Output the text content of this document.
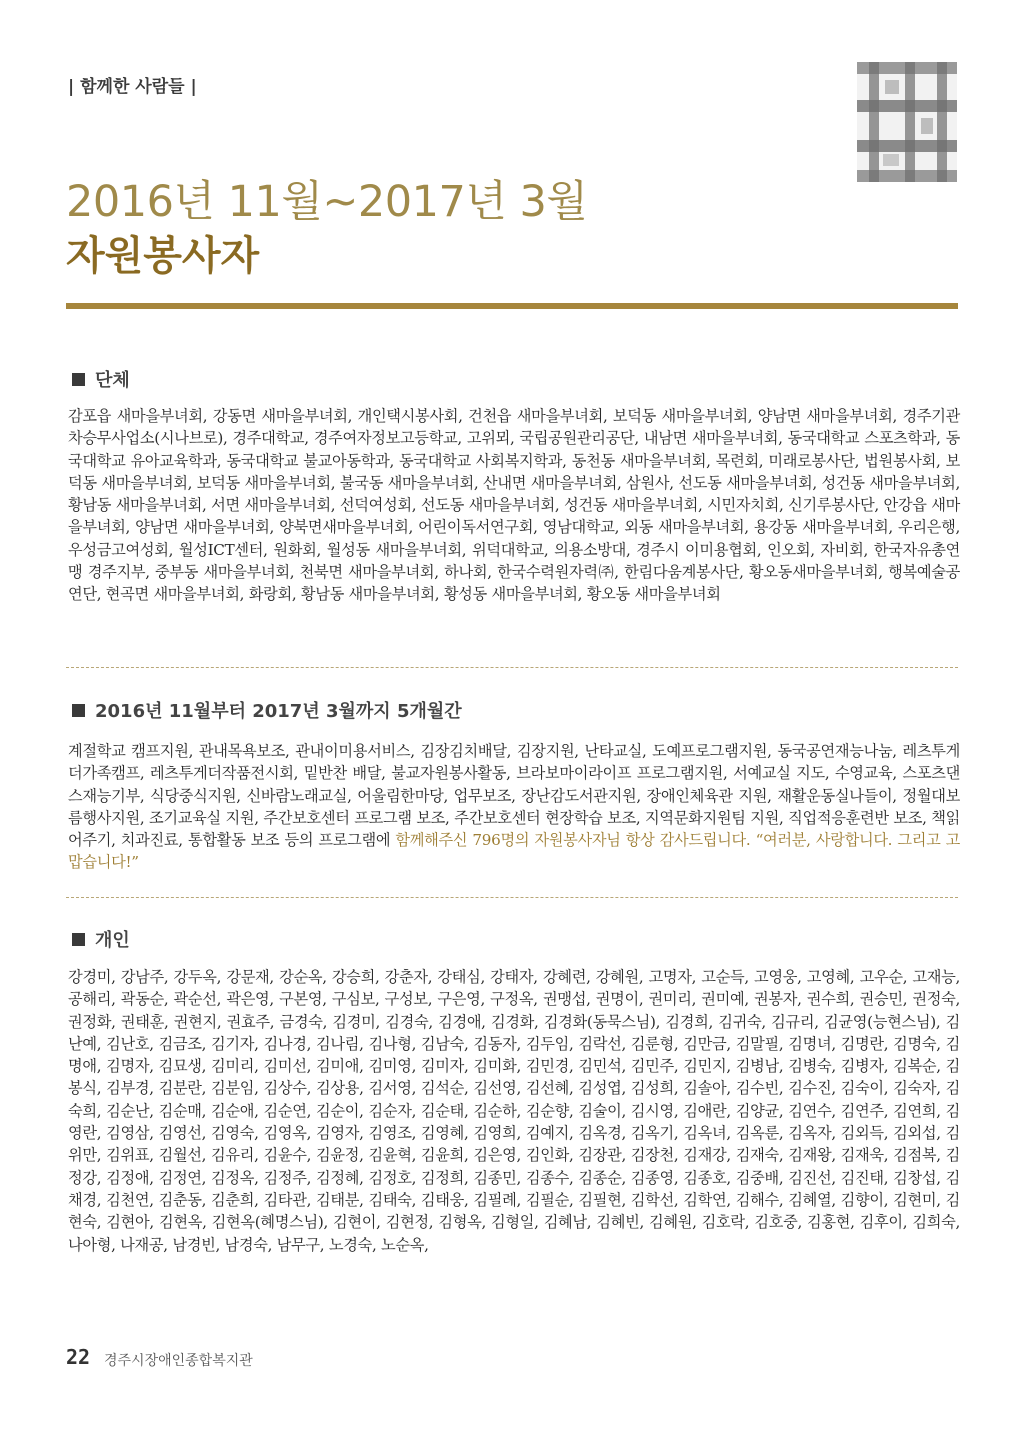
| 함께한 사람들 |
2016년 11월~2017년 3월
자원봉사자
단체
감포읍 새마을부녀회, 강동면 새마을부녀회, 개인택시봉사회, 건천읍 새마을부녀회, 보덕동 새마을부녀회, 양남면 새마을부녀회, 경주기관차승무사업소(시나브로), 경주대학교, 경주여자정보고등학교, 고위뫼, 국립공원관리공단, 내남면 새마을부녀회, 동국대학교 스포츠학과, 동국대학교 유아교육학과, 동국대학교 불교아동학과, 동국대학교 사회복지학과, 동천동 새마을부녀회, 목련회, 미래로봉사단, 법원봉사회, 보덕동 새마을부녀회, 보덕동 새마을부녀회, 불국동 새마을부녀회, 산내면 새마을부녀회, 삼원사, 선도동 새마을부녀회, 성건동 새마을부녀회, 황남동 새마을부녀회, 서면 새마을부녀회, 선덕여성회, 선도동 새마을부녀회, 성건동 새마을부녀회, 시민자치회, 신기루봉사단, 안강읍 새마을부녀회, 양남면 새마을부녀회, 양북면새마을부녀회, 어린이독서연구회, 영남대학교, 외동 새마을부녀회, 용강동 새마을부녀회, 우리은행, 우성금고여성회, 월성ICT센터, 원화회, 월성동 새마을부녀회, 위덕대학교, 의용소방대, 경주시 이미용협회, 인오회, 자비회, 한국자유총연맹 경주지부, 중부동 새마을부녀회, 천북면 새마을부녀회, 하나회, 한국수력원자력㈜, 한림다움계봉사단, 황오동새마을부녀회, 행복예술공연단, 현곡면 새마을부녀회, 화랑회, 황남동 새마을부녀회, 황성동 새마을부녀회, 황오동 새마을부녀회
2016년 11월부터 2017년 3월까지 5개월간
계절학교 캠프지원, 관내목욕보조, 관내이미용서비스, 김장김치배달, 김장지원, 난타교실, 도예프로그램지원, 동국공연재능나눔, 레츠투게더가족캠프, 레츠투게더작품전시회, 밑반찬 배달, 불교자원봉사활동, 브라보마이라이프 프로그램지원, 서예교실 지도, 수영교육, 스포츠댄스재능기부, 식당중식지원, 신바람노래교실, 어울림한마당, 업무보조, 장난감도서관지원, 장애인체육관 지원, 재활운동실나들이, 정월대보름행사지원, 조기교육실 지원, 주간보호센터 프로그램 보조, 주간보호센터 현장학습 보조, 지역문화지원팀 지원, 직업적응훈련반 보조, 책읽어주기, 치과진료, 통합활동 보조 등의 프로그램에 함께해주신 796명의 자원봉사자님 항상 감사드립니다. “여러분, 사랑합니다. 그리고 고맙습니다!”
개인
강경미, 강남주, 강두옥, 강문재, 강순옥, 강승희, 강춘자, 강태심, 강태자, 강혜련, 강혜원, 고명자, 고순득, 고영웅, 고영혜, 고우순, 고재능, 공해리, 곽동순, 곽순선, 곽은영, 구본영, 구심보, 구성보, 구은영, 구정옥, 권맹섭, 권명이, 권미리, 권미예, 권봉자, 권수희, 권승민, 권정숙, 권정화, 권태훈, 권현지, 권효주, 금경숙, 김경미, 김경숙, 김경애, 김경화, 김경화(동묵스님), 김경희, 김귀숙, 김규리, 김균영(능현스님), 김난예, 김난호, 김금조, 김기자, 김나경, 김나림, 김나형, 김남숙, 김동자, 김두임, 김락선, 김룬형, 김만금, 김말필, 김명녀, 김명란, 김명숙, 김명애, 김명자, 김묘생, 김미리, 김미선, 김미애, 김미영, 김미자, 김미화, 김민경, 김민석, 김민주, 김민지, 김병남, 김병숙, 김병자, 김복순, 김봉식, 김부경, 김분란, 김분임, 김상수, 김상용, 김서영, 김석순, 김선영, 김선혜, 김성엽, 김성희, 김솔아, 김수빈, 김수진, 김숙이, 김숙자, 김숙희, 김순난, 김순매, 김순애, 김순연, 김순이, 김순자, 김순태, 김순하, 김순향, 김술이, 김시영, 김애란, 김양균, 김연수, 김연주, 김연희, 김영란, 김영삼, 김영선, 김영숙, 김영옥, 김영자, 김영조, 김영혜, 김영희, 김예지, 김옥경, 김옥기, 김옥녀, 김옥룬, 김옥자, 김외득, 김외섭, 김위만, 김위표, 김월선, 김유리, 김윤수, 김윤정, 김윤혁, 김윤희, 김은영, 김인화, 김장관, 김장천, 김재강, 김재숙, 김재왕, 김재욱, 김점복, 김정강, 김정애, 김정연, 김정옥, 김정주, 김정혜, 김정호, 김정희, 김종민, 김종수, 김종순, 김종영, 김종호, 김중배, 김진선, 김진태, 김창섭, 김채경, 김천연, 김춘동, 김춘희, 김타관, 김태분, 김태숙, 김태웅, 김필례, 김필순, 김필현, 김학선, 김학연, 김해수, 김혜열, 김향이, 김현미, 김현숙, 김현아, 김현옥, 김현옥(혜명스님), 김현이, 김현정, 김형옥, 김형일, 김혜남, 김혜빈, 김혜원, 김호락, 김호중, 김홍현, 김후이, 김희숙, 나아형, 나재공, 남경빈, 남경숙, 남무구, 노경숙, 노순옥,
22 경주시장애인종합복지관
